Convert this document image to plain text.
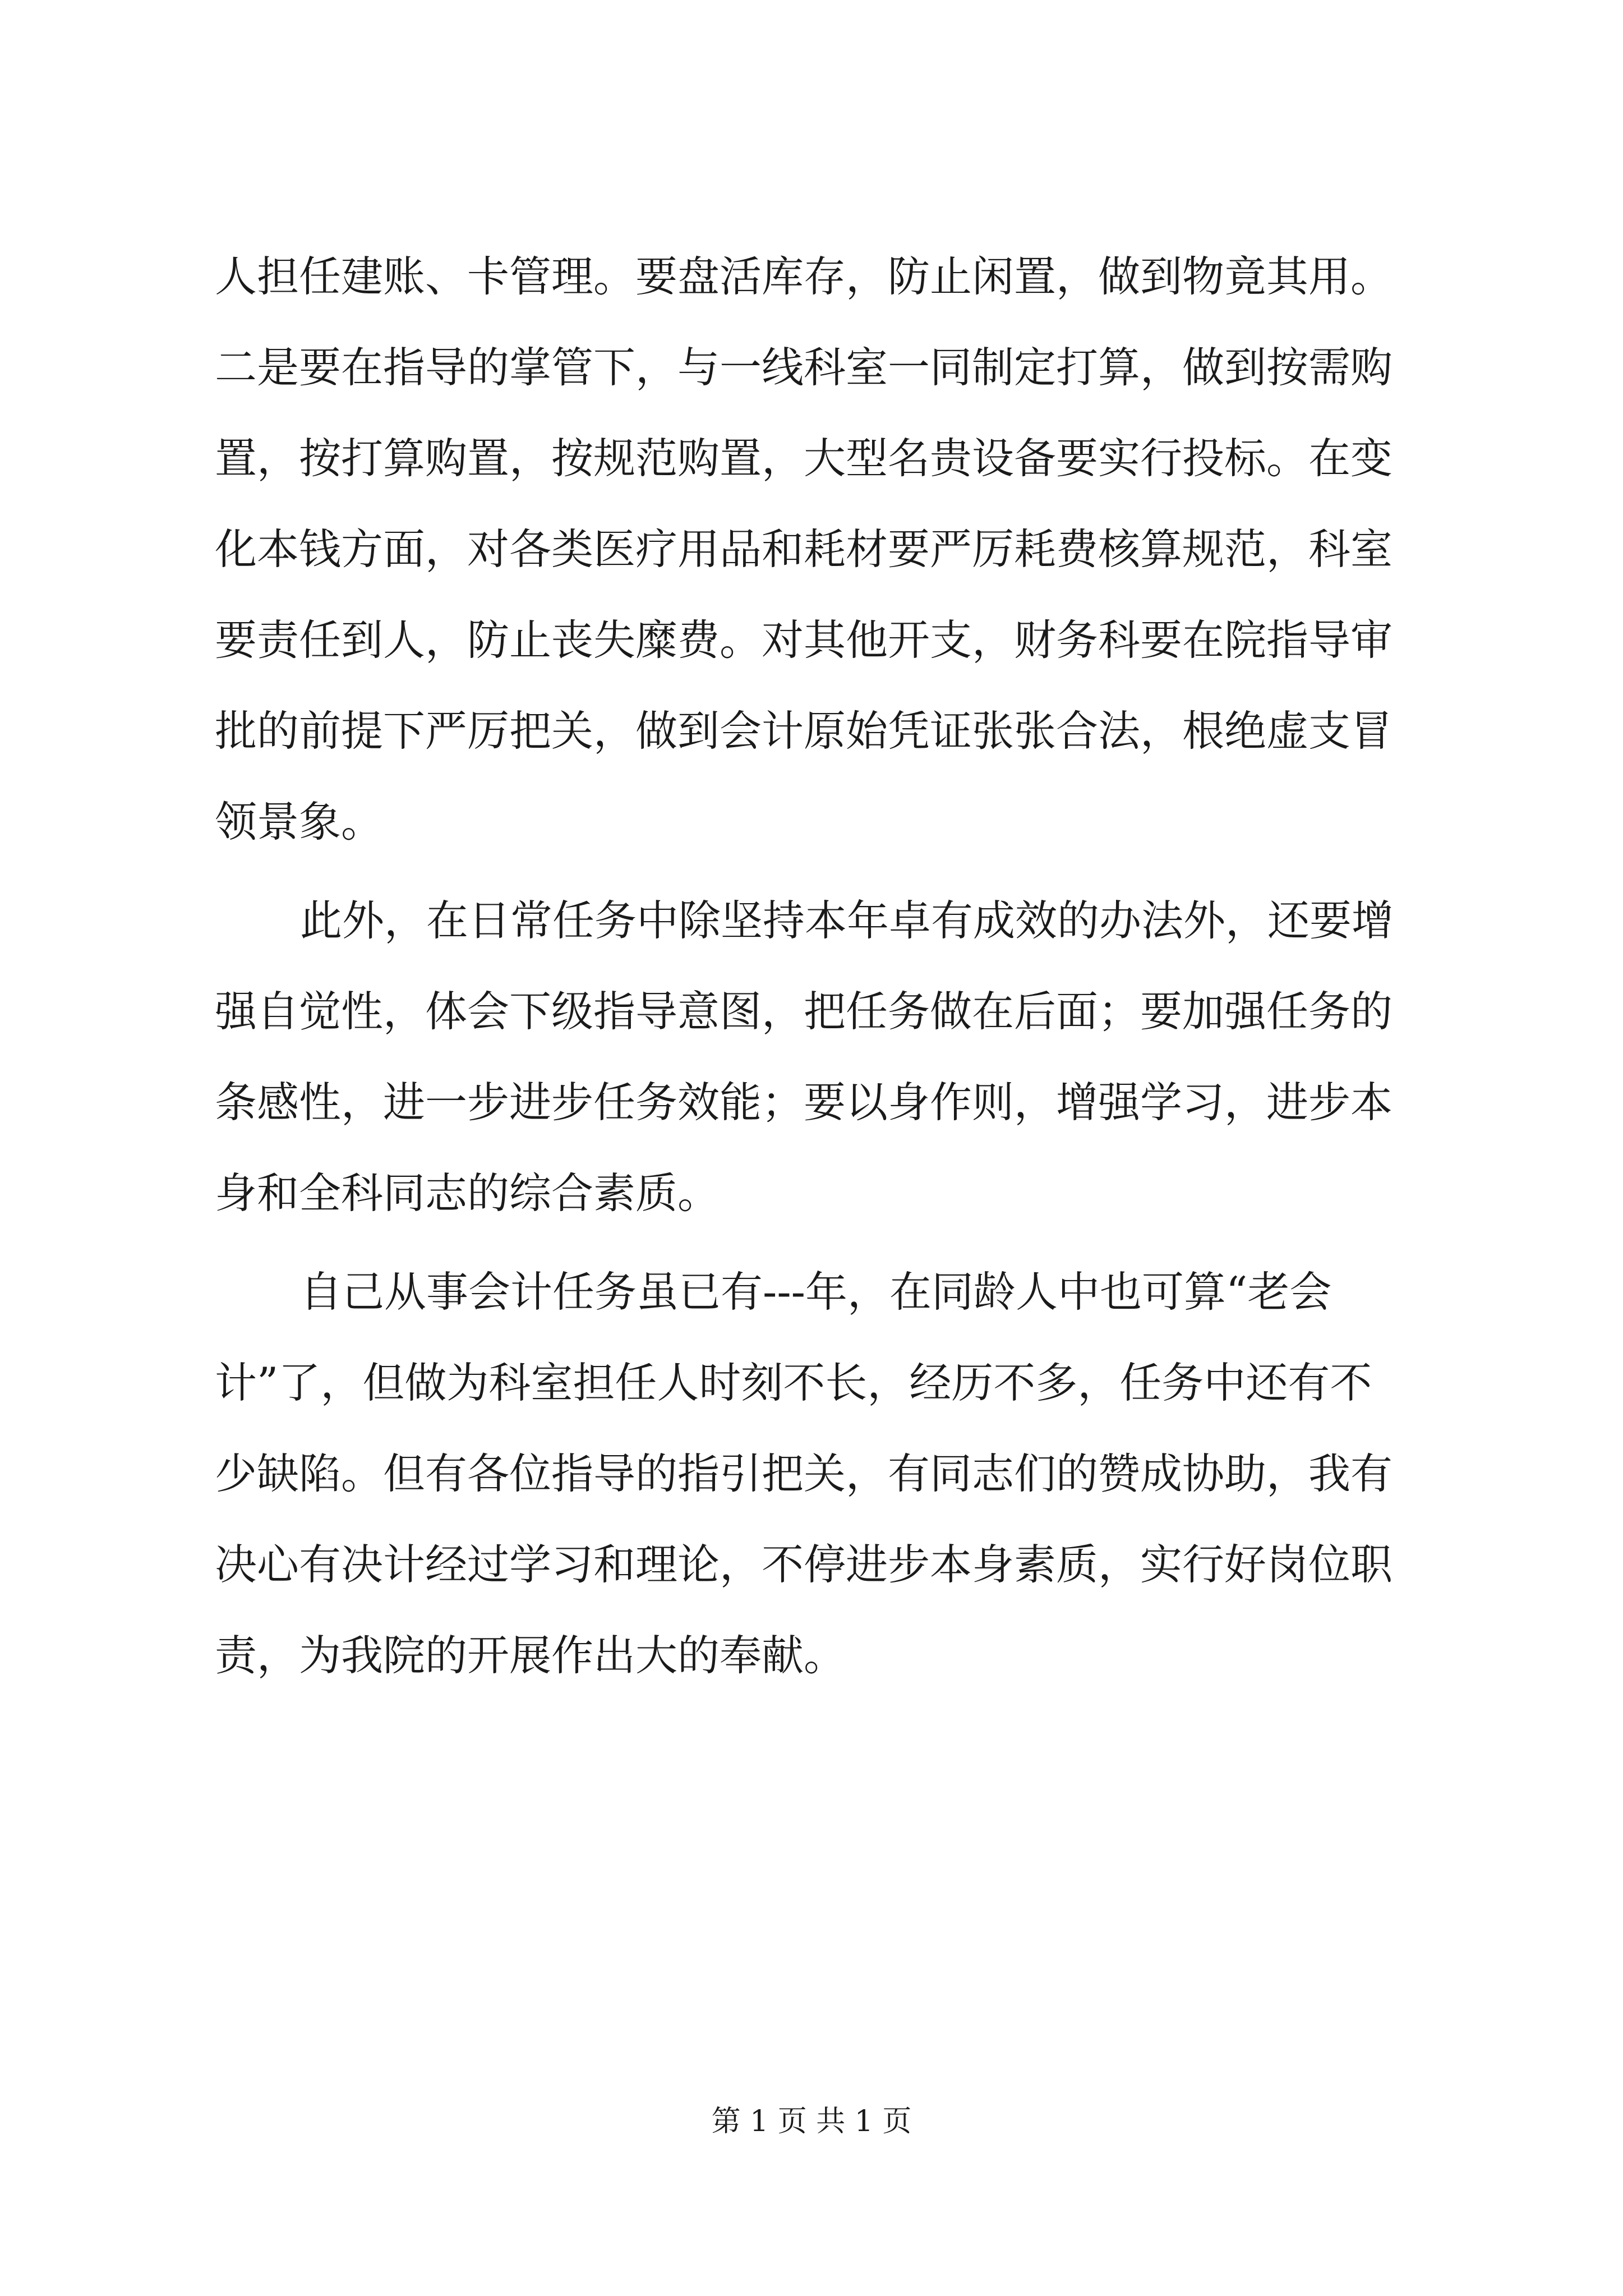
人担任建账、卡管理。要盘活库存，防止闲置，做到物竟其用。
二是要在指导的掌管下，与一线科室一同制定打算，做到按需购
置，按打算购置，按规范购置，大型名贵设备要实行投标。在变
化本钱方面，对各类医疗用品和耗材要严厉耗费核算规范，科室
要责任到人，防止丧失糜费。对其他开支，财务科要在院指导审
批的前提下严厉把关，做到会计原始凭证张张合法，根绝虚支冒
领景象。
此外，在日常任务中除坚持本年卓有成效的办法外，还要增
强自觉性，体会下级指导意图，把任务做在后面；要加强任务的
条感性，进一步进步任务效能；要以身作则，增强学习，进步本
身和全科同志的综合素质。
自己从事会计任务虽已有---年，在同龄人中也可算“老会
计”了，但做为科室担任人时刻不长，经历不多，任务中还有不
少缺陷。但有各位指导的指引把关，有同志们的赞成协助，我有
决心有决计经过学习和理论，不停进步本身素质，实行好岗位职
责，为我院的开展作出大的奉献。
第 1 页 共 1 页
